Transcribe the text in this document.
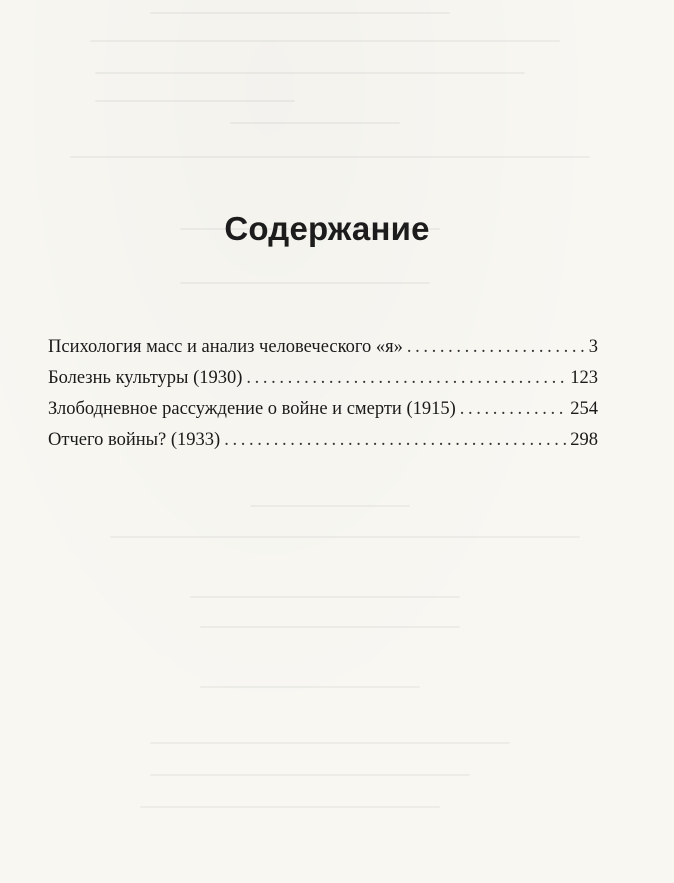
Содержание
Психология масс и анализ человеческого «я» . . .	3
Болезнь культуры (1930) . . .	123
Злободневное рассуждение о войне и смерти (1915) . . .	254
Отчего войны? (1933) . . .	298
